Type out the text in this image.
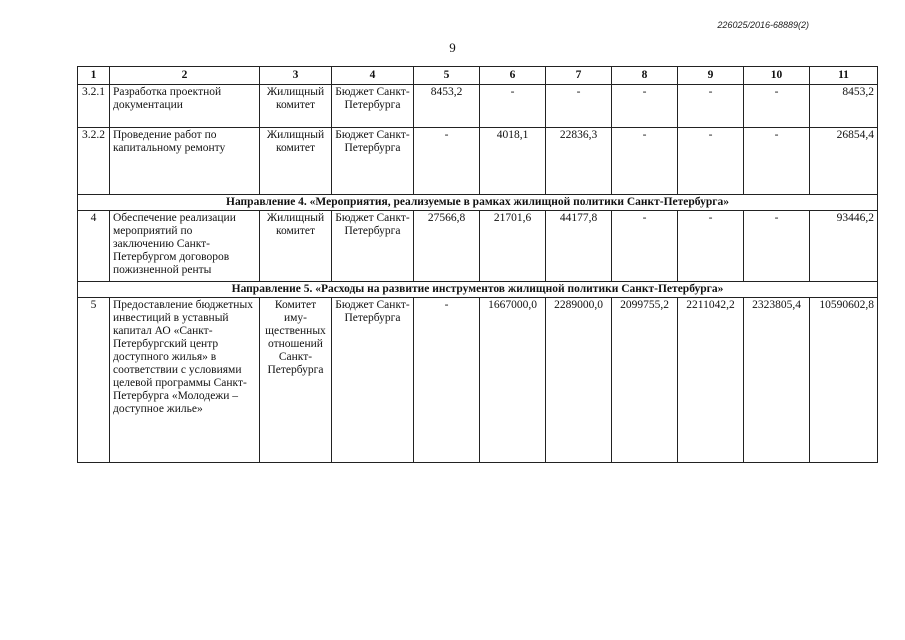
226025/2016-68889(2)
9
1	2	3	4	5	6	7	8	9	10	11
3.2.1	Разработка проектной документации	Жилищный комитет	Бюджет Санкт-Петербурга	8453,2	-	-	-	-	-	8453,2
3.2.2	Проведение работ по капитальному ремонту	Жилищный комитет	Бюджет Санкт-Петербурга	-	4018,1	22836,3	-	-	-	26854,4
Направление 4. «Мероприятия, реализуемые в рамках жилищной политики Санкт-Петербурга»										
4	Обеспечение реализации мероприятий по заключению Санкт-Петербургом договоров пожизненной ренты	Жилищный комитет	Бюджет Санкт-Петербурга	27566,8	21701,6	44177,8	-	-	-	93446,2
Направление 5. «Расходы на развитие инструментов жилищной политики Санкт-Петербурга»										
5	Предоставление бюджетных инвестиций в уставный капитал АО «Санкт-Петербургский центр доступного жилья» в соответствии с условиями целевой программы Санкт-Петербурга «Молодежи – доступное жилье»	Комитет иму-щественных отношений Санкт-Петербурга	Бюджет Санкт-Петербурга	-	1667000,0	2289000,0	2099755,2	2211042,2	2323805,4	10590602,8
